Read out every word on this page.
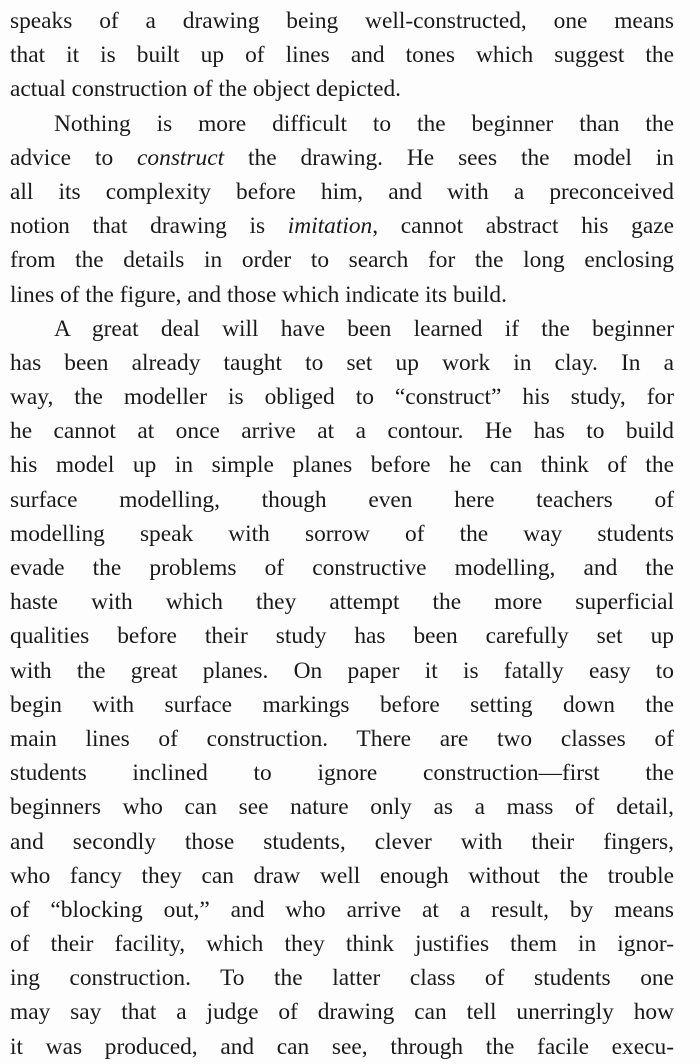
speaks of a drawing being well-constructed, one means
that it is built up of lines and tones which suggest the
actual construction of the object depicted.
Nothing is more difficult to the beginner than the
advice to construct the drawing. He sees the model in
all its complexity before him, and with a preconceived
notion that drawing is imitation, cannot abstract his gaze
from the details in order to search for the long enclosing
lines of the figure, and those which indicate its build.
A great deal will have been learned if the beginner
has been already taught to set up work in clay. In a
way, the modeller is obliged to “construct” his study, for
he cannot at once arrive at a contour. He has to build
his model up in simple planes before he can think of the
surface modelling, though even here teachers of
modelling speak with sorrow of the way students
evade the problems of constructive modelling, and the
haste with which they attempt the more superficial
qualities before their study has been carefully set up
with the great planes. On paper it is fatally easy to
begin with surface markings before setting down the
main lines of construction. There are two classes of
students inclined to ignore construction—first the
beginners who can see nature only as a mass of detail,
and secondly those students, clever with their fingers,
who fancy they can draw well enough without the trouble
of “blocking out,” and who arrive at a result, by means
of their facility, which they think justifies them in ignor-
ing construction. To the latter class of students one
may say that a judge of drawing can tell unerringly how
it was produced, and can see, through the facile execu-
